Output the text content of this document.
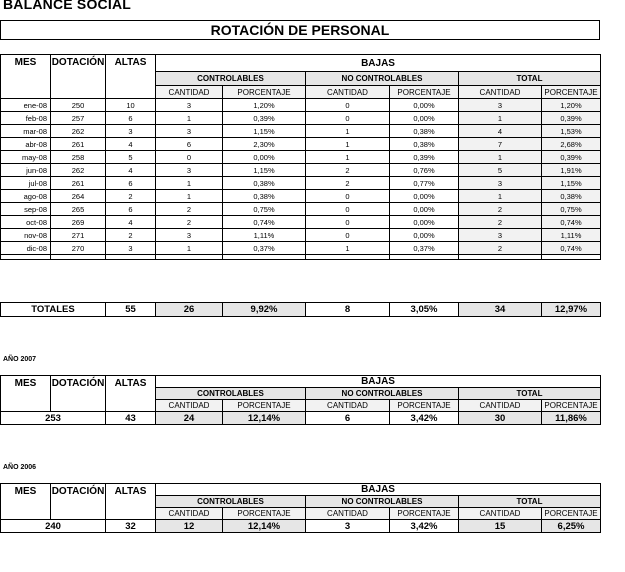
BALANCE SOCIAL
ROTACIÓN DE PERSONAL
MES	DOTACIÓN	ALTAS	BAJAS					
			CONTROLABLES		NO CONTROLABLES		TOTAL	
			CANTIDAD	PORCENTAJE	CANTIDAD	PORCENTAJE	CANTIDAD	PORCENTAJE
ene-08	250	10	3	1,20%	0	0,00%	3	1,20%
feb-08	257	6	1	0,39%	0	0,00%	1	0,39%
mar-08	262	3	3	1,15%	1	0,38%	4	1,53%
abr-08	261	4	6	2,30%	1	0,38%	7	2,68%
may-08	258	5	0	0,00%	1	0,39%	1	0,39%
jun-08	262	4	3	1,15%	2	0,76%	5	1,91%
jul-08	261	6	1	0,38%	2	0,77%	3	1,15%
ago-08	264	2	1	0,38%	0	0,00%	1	0,38%
sep-08	265	6	2	0,75%	0	0,00%	2	0,75%
oct-08	269	4	2	0,74%	0	0,00%	2	0,74%
nov-08	271	2	3	1,11%	0	0,00%	3	1,11%
dic-08	270	3	1	0,37%	1	0,37%	2	0,74%

TOTALES	55	26	9,92%	8	3,05%	34	12,97%
AÑO 2007
MES	DOTACIÓN	ALTAS	BAJAS					
			CONTROLABLES		NO CONTROLABLES		TOTAL	
			CANTIDAD	PORCENTAJE	CANTIDAD	PORCENTAJE	CANTIDAD	PORCENTAJE
253		43	24	12,14%	6	3,42%	30	11,86%
AÑO 2006
MES	DOTACIÓN	ALTAS	BAJAS					
			CONTROLABLES		NO CONTROLABLES		TOTAL	
			CANTIDAD	PORCENTAJE	CANTIDAD	PORCENTAJE	CANTIDAD	PORCENTAJE
240		32	12	12,14%	3	3,42%	15	6,25%
